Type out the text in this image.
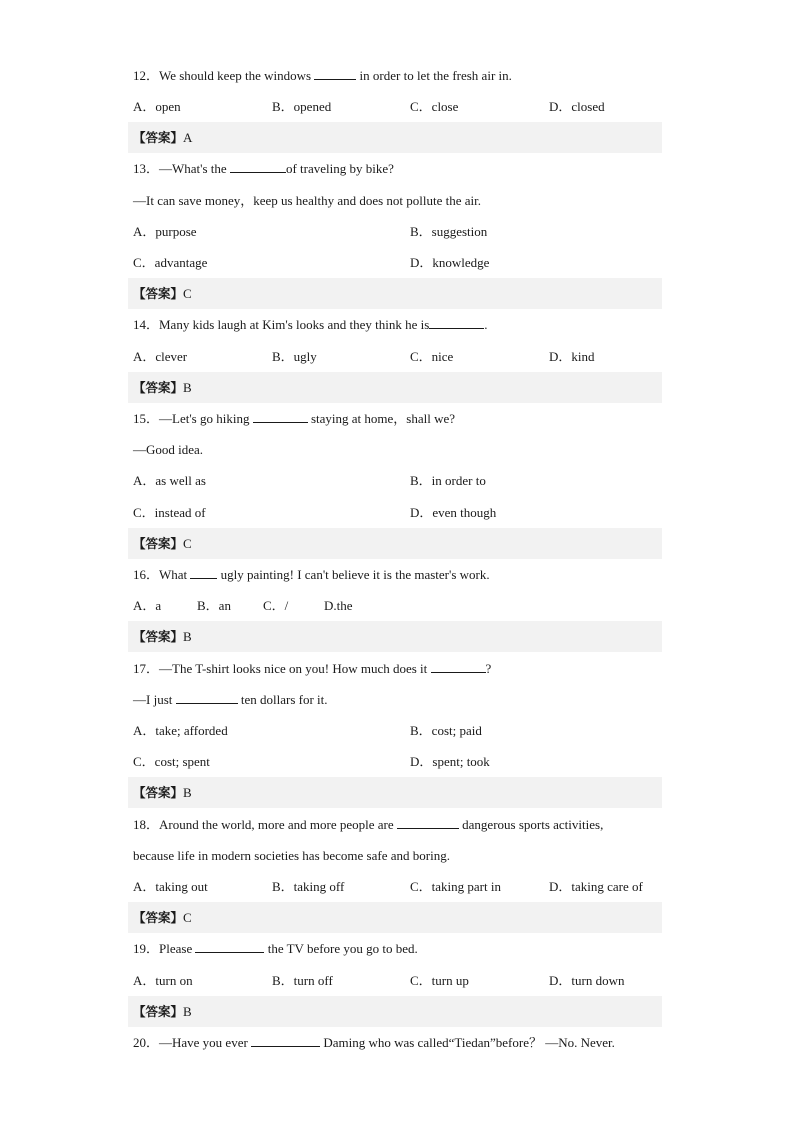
12．We should keep the windows	in order to let the fresh air in.
A．open	B．opened	C．close	D．closed
【答案】A
13．—What's the	of traveling by bike?
—It can save money，keep us healthy and does not pollute the air.
A．purpose	B．suggestion
C．advantage	D．knowledge
【答案】C
14．Many kids laugh at Kim's looks and they think he is	.
A．clever	B．ugly	C．nice	D．kind
【答案】B
15．—Let's go hiking	staying at home，shall we?
—Good idea.
A．as well as	B．in order to
C．instead of	D．even though
【答案】C
16．What  ugly painting! I can't believe it is the master's work.
A．a	B．an C．/	D.the
【答案】B
17．—The T-shirt looks nice on you! How much does it	?
—I just	ten dollars for it.
A．take; afforded	B．cost; paid
C．cost; spent	D．spent; took
【答案】B
18．Around the world, more and more people are	dangerous sports activities,
because life in modern societies has become safe and boring.
A．taking out	B．taking off	C．taking part in	D．taking care of
【答案】C
19．Please	the TV before you go to bed.
A．turn on	B．turn off	C．turn up	D．turn down
【答案】B
20．—Have you ever	Daming who was called“Tiedan”before？ —No. Never.
